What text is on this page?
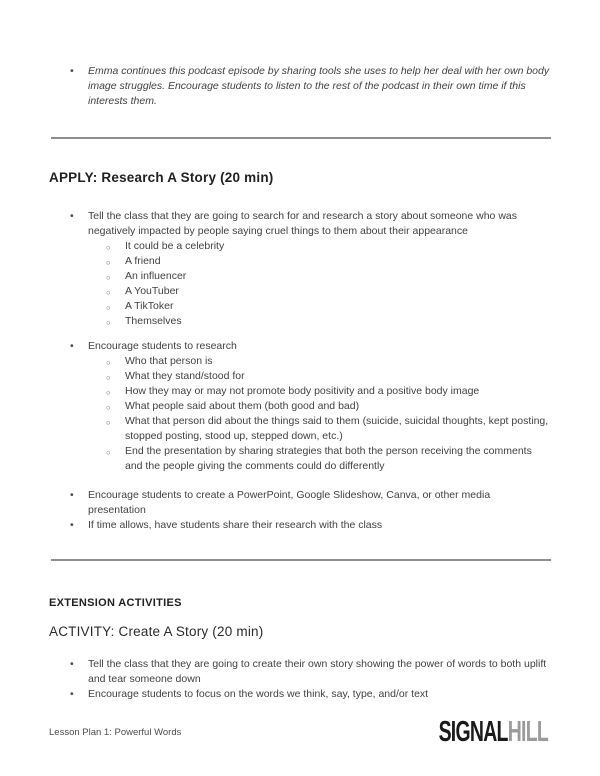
• Emma continues this podcast episode by sharing tools she uses to help her deal with her own body image struggles. Encourage students to listen to the rest of the podcast in their own time if this interests them.
APPLY: Research A Story (20 min)
• Tell the class that they are going to search for and research a story about someone who was negatively impacted by people saying cruel things to them about their appearance
○ It could be a celebrity
○ A friend
○ An influencer
○ A YouTuber
○ A TikToker
○ Themselves
• Encourage students to research
○ Who that person is
○ What they stand/stood for
○ How they may or may not promote body positivity and a positive body image
○ What people said about them (both good and bad)
○ What that person did about the things said to them (suicide, suicidal thoughts, kept posting, stopped posting, stood up, stepped down, etc.)
○ End the presentation by sharing strategies that both the person receiving the comments and the people giving the comments could do differently
• Encourage students to create a PowerPoint, Google Slideshow, Canva, or other media presentation
• If time allows, have students share their research with the class
EXTENSION ACTIVITIES
ACTIVITY: Create A Story (20 min)
• Tell the class that they are going to create their own story showing the power of words to both uplift and tear someone down
• Encourage students to focus on the words we think, say, type, and/or text
Lesson Plan 1: Powerful Words	SIGNALHILL
